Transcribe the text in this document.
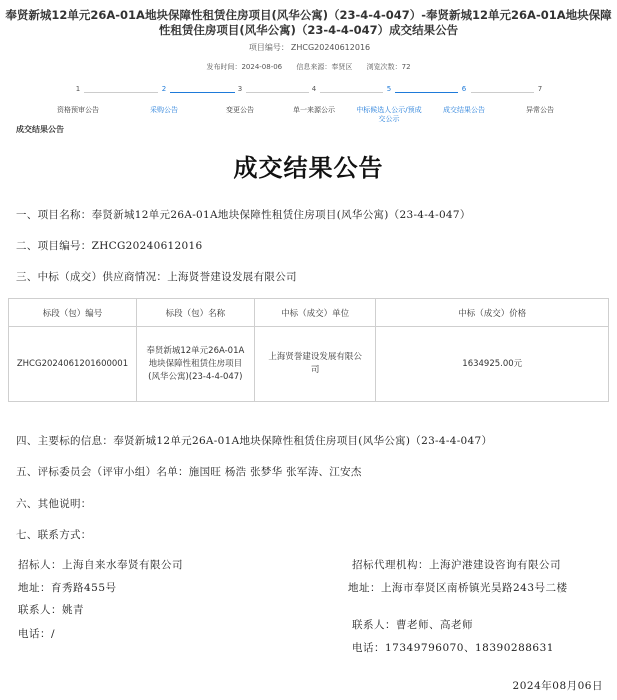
奉贤新城12单元26A-01A地块保障性租赁住房项目(风华公寓)（23-4-4-047）-奉贤新城12单元26A-01A地块保障
性租赁住房项目(风华公寓)（23-4-4-047）成交结果公告
项目编号： ZHCG20240612016
发布时间：2024-08-06 信息来源：奉贤区 浏览次数：72
1
资格预审公告
2
采购公告
3
变更公告
4
单一来源公示
5
中标候选人公示/预成交公示
6
成交结果公告
7
异常公告
成交结果公告
成交结果公告
一、项目名称：奉贤新城12单元26A-01A地块保障性租赁住房项目(风华公寓)（23-4-4-047）
二、项目编号：ZHCG20240612016
三、中标（成交）供应商情况：上海贤誉建设发展有限公司
标段（包）编号	标段（包）名称	中标（成交）单位	中标（成交）价格
ZHCG2024061201600001	奉贤新城12单元26A-01A地块保障性租赁住房项目(风华公寓)(23-4-4-047)	上海贤誉建设发展有限公司	1634925.00元
四、主要标的信息：奉贤新城12单元26A-01A地块保障性租赁住房项目(风华公寓)（23-4-4-047）
五、评标委员会（评审小组）名单：施国旺 杨浩 张梦华 张军涛、江安杰
六、其他说明：
七、联系方式：
招标人：上海自来水奉贤有限公司
地址：育秀路455号
联系人：姚青
电话：/
招标代理机构：上海沪港建设咨询有限公司
地址：上海市奉贤区南桥镇光昊路243号二楼
联系人：曹老师、高老师
电话：17349796070、18390288631
2024年08月06日
